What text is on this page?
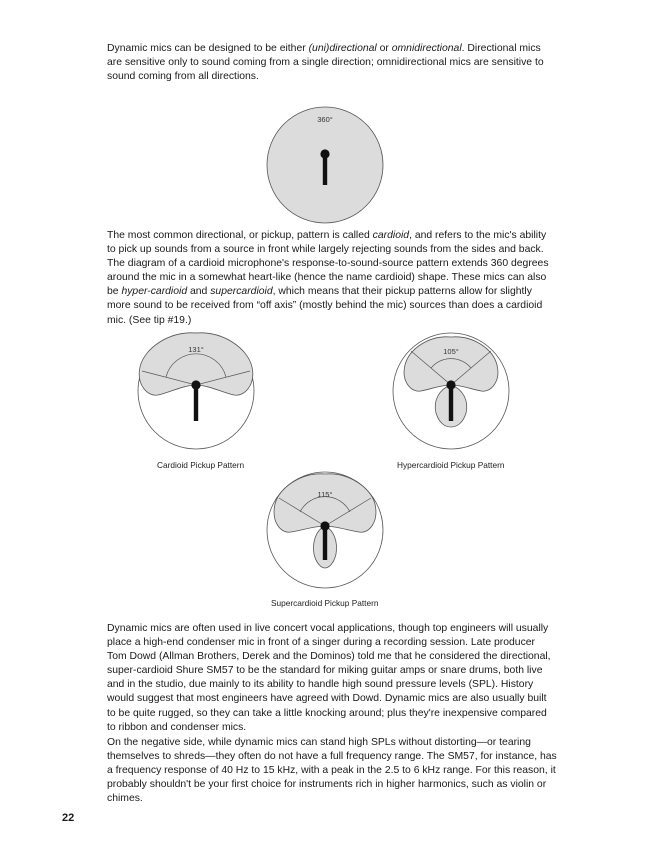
Dynamic mics can be designed to be either (uni)directional or omnidirectional. Directional mics are sensitive only to sound coming from a single direction; omnidirectional mics are sensitive to sound coming from all directions.

360°

The most common directional, or pickup, pattern is called cardioid, and refers to the mic's ability to pick up sounds from a source in front while largely rejecting sounds from the sides and back. The diagram of a cardioid microphone's response-to-sound-source pattern extends 360 degrees around the mic in a somewhat heart-like (hence the name cardioid) shape. These mics can also be hyper-cardioid and supercardioid, which means that their pickup patterns allow for slightly more sound to be received from “off axis” (mostly behind the mic) sources than does a cardioid mic. (See tip #19.)

131°

Cardioid Pickup Pattern

105°

Hypercardioid Pickup Pattern

115°

Supercardioid Pickup Pattern

Dynamic mics are often used in live concert vocal applications, though top engineers will usually place a high-end condenser mic in front of a singer during a recording session. Late producer Tom Dowd (Allman Brothers, Derek and the Dominos) told me that he considered the directional, super-cardioid Shure SM57 to be the standard for miking guitar amps or snare drums, both live and in the studio, due mainly to its ability to handle high sound pressure levels (SPL). History would suggest that most engineers have agreed with Dowd. Dynamic mics are also usually built to be quite rugged, so they can take a little knocking around; plus they're inexpensive compared to ribbon and condenser mics.

On the negative side, while dynamic mics can stand high SPLs without distorting—or tearing themselves to shreds—they often do not have a full frequency range. The SM57, for instance, has a frequency response of 40 Hz to 15 kHz, with a peak in the 2.5 to 6 kHz range. For this reason, it probably shouldn't be your first choice for instruments rich in higher harmonics, such as violin or chimes.

22
